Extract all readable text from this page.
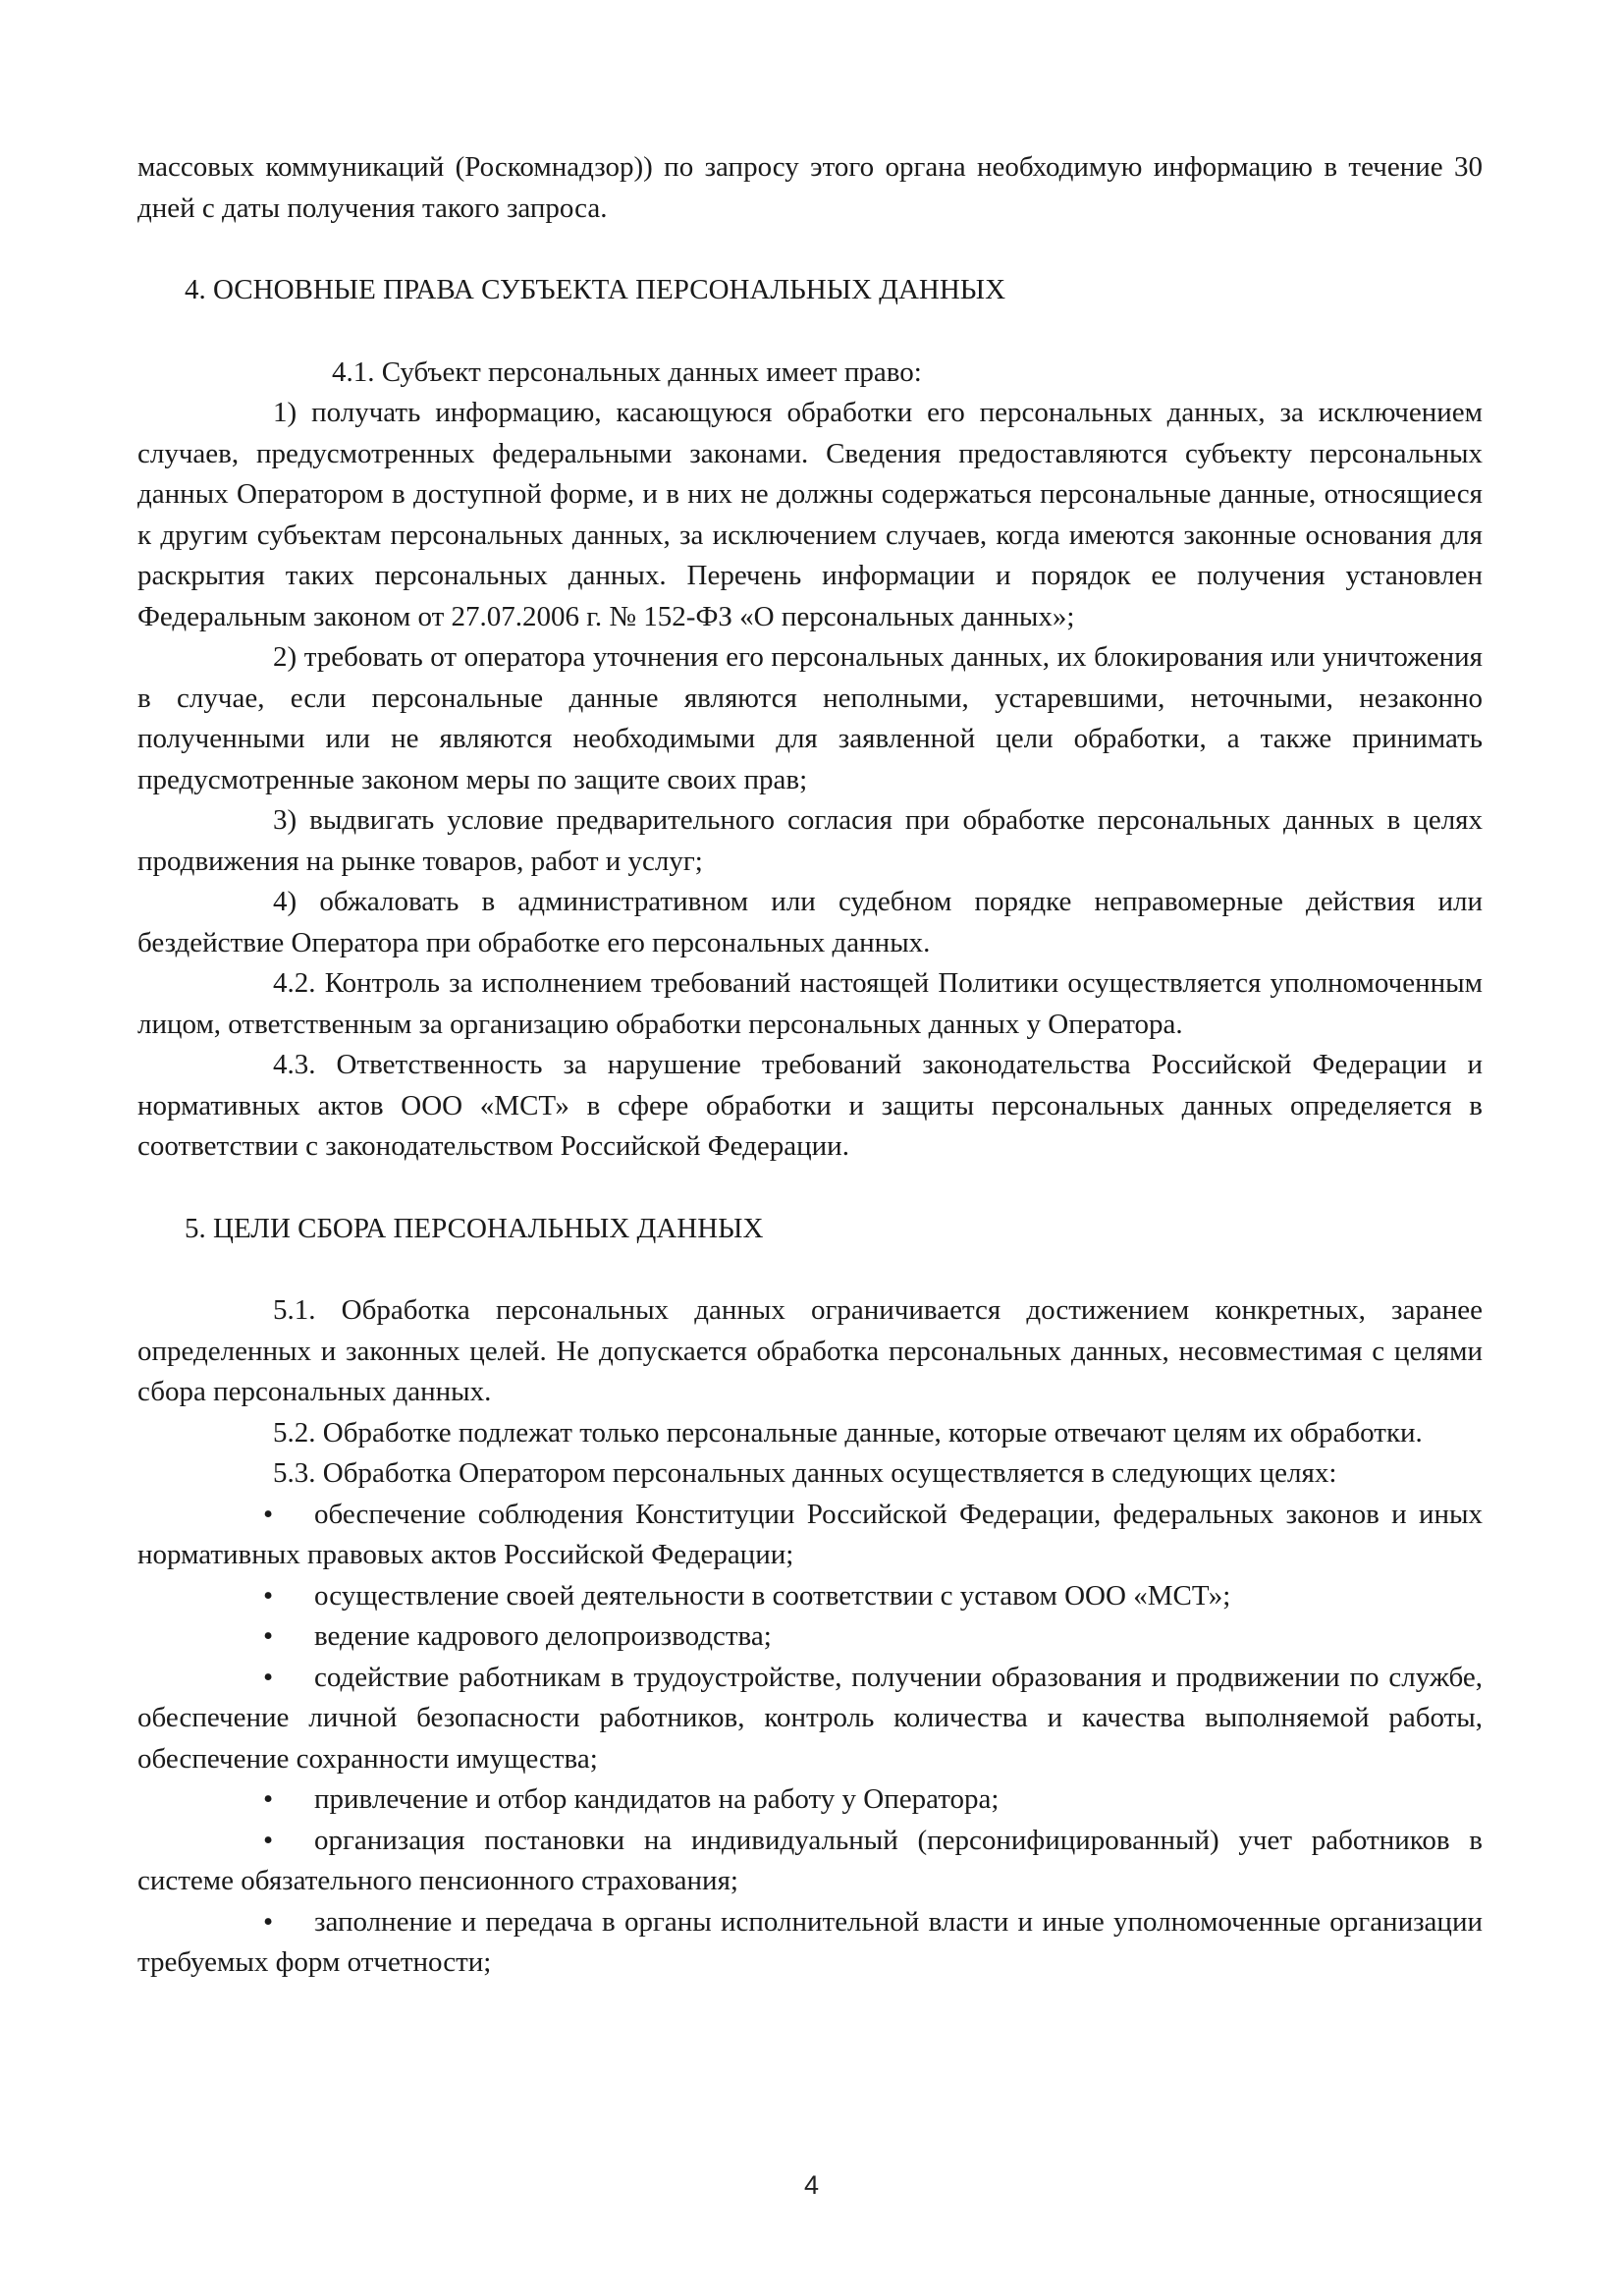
массовых коммуникаций (Роскомнадзор)) по запросу этого органа необходимую информацию в течение 30 дней с даты получения такого запроса.

4. ОСНОВНЫЕ ПРАВА СУБЪЕКТА ПЕРСОНАЛЬНЫХ ДАННЫХ

4.1. Субъект персональных данных имеет право:

1) получать информацию, касающуюся обработки его персональных данных, за исключением случаев, предусмотренных федеральными законами. Сведения предоставляются субъекту персональных данных Оператором в доступной форме, и в них не должны содержаться персональные данные, относящиеся к другим субъектам персональных данных, за исключением случаев, когда имеются законные основания для раскрытия таких персональных данных. Перечень информации и порядок ее получения установлен Федеральным законом от 27.07.2006 г. № 152-ФЗ «О персональных данных»;

2) требовать от оператора уточнения его персональных данных, их блокирования или уничтожения в случае, если персональные данные являются неполными, устаревшими, неточными, незаконно полученными или не являются необходимыми для заявленной цели обработки, а также принимать предусмотренные законом меры по защите своих прав;

3) выдвигать условие предварительного согласия при обработке персональных данных в целях продвижения на рынке товаров, работ и услуг;

4) обжаловать в административном или судебном порядке неправомерные действия или бездействие Оператора при обработке его персональных данных.

4.2. Контроль за исполнением требований настоящей Политики осуществляется уполномоченным лицом, ответственным за организацию обработки персональных данных у Оператора.

4.3. Ответственность за нарушение требований законодательства Российской Федерации и нормативных актов ООО «МСТ» в сфере обработки и защиты персональных данных определяется в соответствии с законодательством Российской Федерации.

5. ЦЕЛИ СБОРА ПЕРСОНАЛЬНЫХ ДАННЫХ

5.1. Обработка персональных данных ограничивается достижением конкретных, заранее определенных и законных целей. Не допускается обработка персональных данных, несовместимая с целями сбора персональных данных.

5.2. Обработке подлежат только персональные данные, которые отвечают целям их обработки.

5.3. Обработка Оператором персональных данных осуществляется в следующих целях:

• обеспечение соблюдения Конституции Российской Федерации, федеральных законов и иных нормативных правовых актов Российской Федерации;

• осуществление своей деятельности в соответствии с уставом ООО «МСТ»;

• ведение кадрового делопроизводства;

• содействие работникам в трудоустройстве, получении образования и продвижении по службе, обеспечение личной безопасности работников, контроль количества и качества выполняемой работы, обеспечение сохранности имущества;

• привлечение и отбор кандидатов на работу у Оператора;

• организация постановки на индивидуальный (персонифицированный) учет работников в системе обязательного пенсионного страхования;

• заполнение и передача в органы исполнительной власти и иные уполномоченные организации требуемых форм отчетности;

4
